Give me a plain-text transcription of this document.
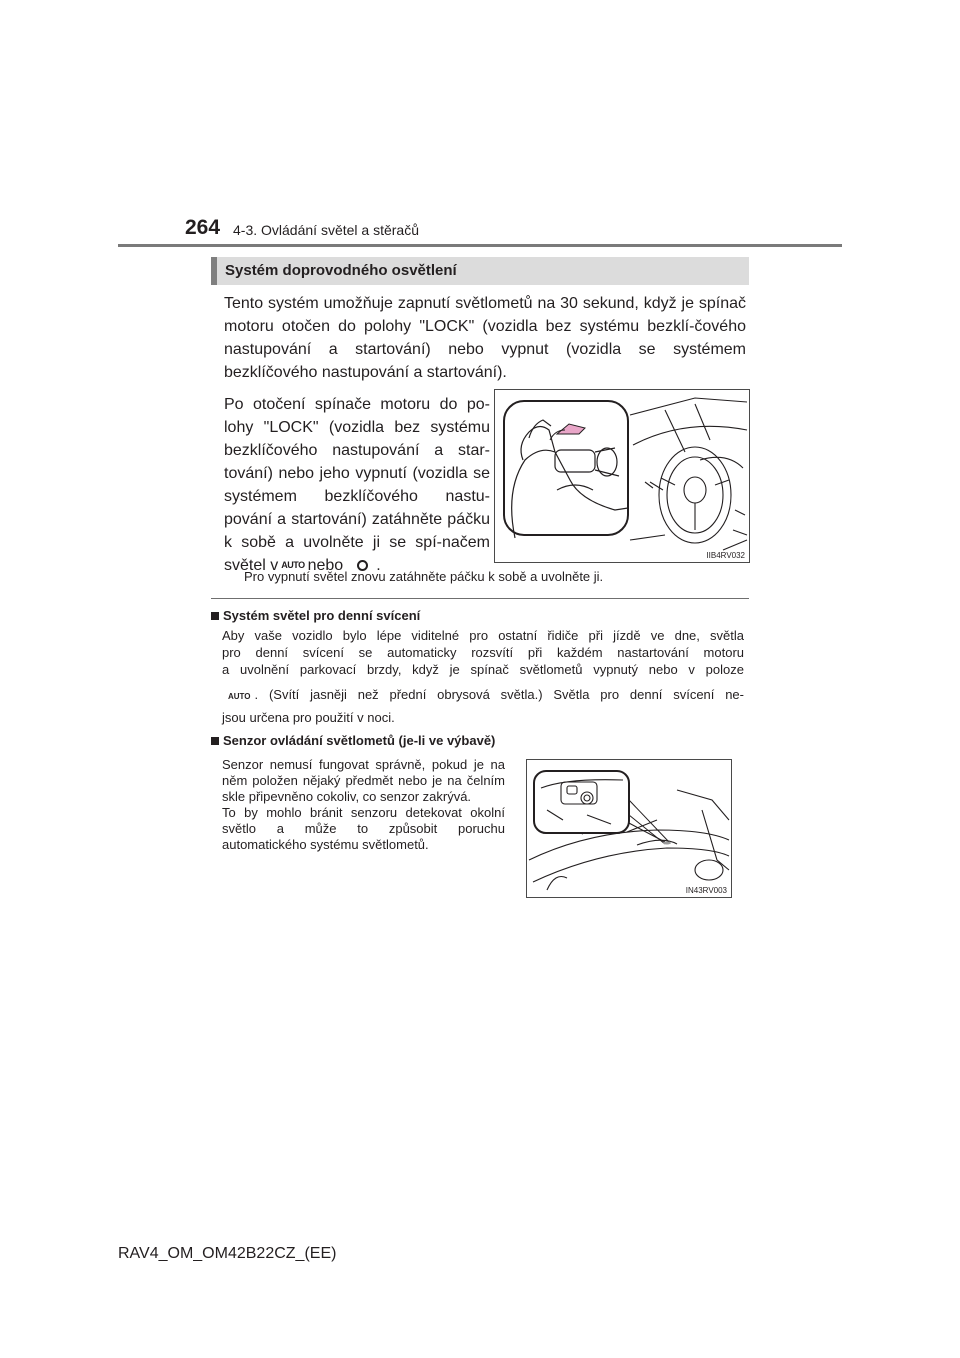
264 4-3. Ovládání světel a stěračů
Systém doprovodného osvětlení
Tento systém umožňuje zapnutí světlometů na 30 sekund, když je spínač motoru otočen do polohy "LOCK" (vozidla bez systému bezklí-čového nastupování a startování) nebo vypnut (vozidla se systémem bezklíčového nastupování a startování).
Po otočení spínače motoru do po-lohy "LOCK" (vozidla bez systému bezklíčového nastupování a star-tování) nebo jeho vypnutí (vozidla se systémem bezklíčového nastu-pování a startování) zatáhněte páčku k sobě a uvolněte ji se spí-načem světel v AUTO nebo .
IIB4RV032
Pro vypnutí světel znovu zatáhněte páčku k sobě a uvolněte ji.
Systém světel pro denní svícení
Aby vaše vozidlo bylo lépe viditelné pro ostatní řidiče při jízdě ve dne, světla
pro denní svícení se automaticky rozsvítí při každém nastartování motoru
a uvolnění parkovací brzdy, když je spínač světlometů vypnutý nebo v poloze
AUTO . (Svítí jasněji než přední obrysová světla.) Světla pro denní svícení ne-
jsou určena pro použití v noci.
Senzor ovládání světlometů (je-li ve výbavě)
Senzor nemusí fungovat správně, pokud je na něm položen nějaký předmět nebo je na čelním skle připevněno cokoliv, co senzor zakrývá.
To by mohlo bránit senzoru detekovat okolní světlo a může to způsobit poruchu automatického systému světlometů.
IN43RV003
RAV4_OM_OM42B22CZ_(EE)
